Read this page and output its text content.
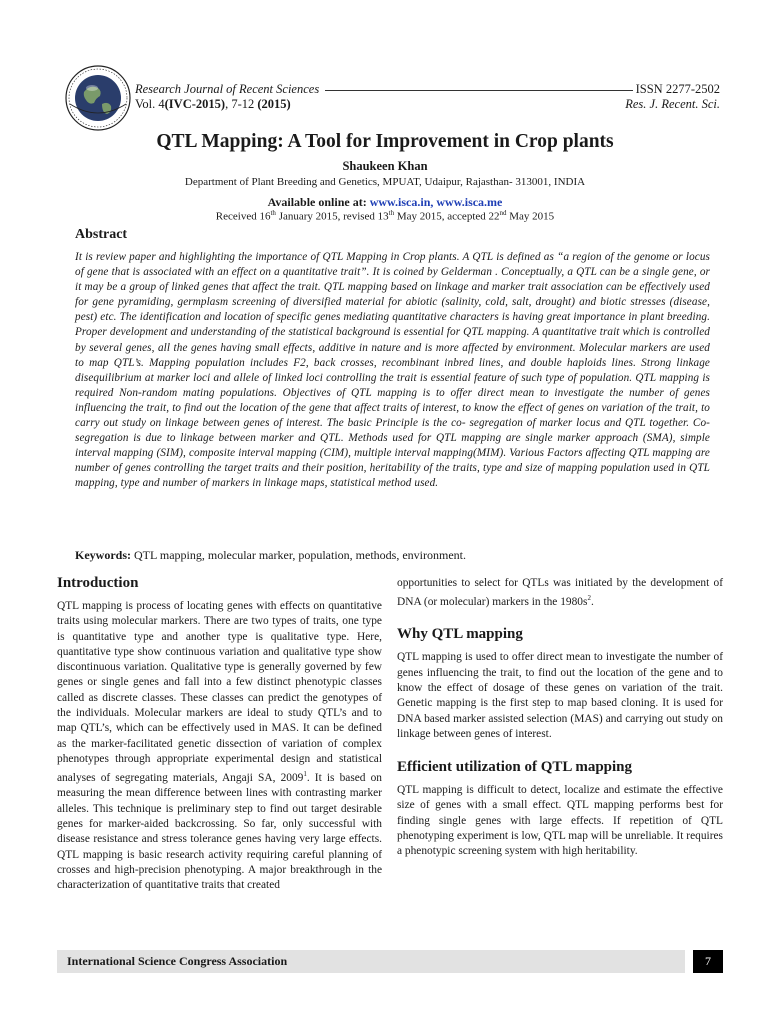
Research Journal of Recent Sciences
Vol. 4(IVC-2015), 7-12 (2015)
ISSN 2277-2502
Res. J. Recent. Sci.
QTL Mapping: A Tool for Improvement in Crop plants
Shaukeen Khan
Department of Plant Breeding and Genetics, MPUAT, Udaipur, Rajasthan- 313001, INDIA
Available online at: www.isca.in, www.isca.me
Received 16th January 2015, revised 13th May 2015, accepted 22nd May 2015
Abstract
It is review paper and highlighting the importance of QTL Mapping in Crop plants. A QTL is defined as “a region of the genome or locus of gene that is associated with an effect on a quantitative trait”. It is coined by Gelderman . Conceptually, a QTL can be a single gene, or it may be a group of linked genes that affect the trait. QTL mapping based on linkage and marker trait association can be effectively used for gene pyramiding, germplasm screening of diversified material for abiotic (salinity, cold, salt, drought) and biotic stresses (disease, pest) etc. The identification and location of specific genes mediating quantitative characters is having great importance in plant breeding. Proper development and understanding of the statistical background is essential for QTL mapping. A quantitative trait which is controlled by several genes, all the genes having small effects, additive in nature and is more affected by environment. Molecular markers are used to map QTL’s. Mapping population includes F2, back crosses, recombinant inbred lines, and double haploids lines. Strong linkage disequilibrium at marker loci and allele of linked loci controlling the trait is essential feature of such type of population. QTL mapping is required Non-random mating populations. Objectives of QTL mapping is to offer direct mean to investigate the number of genes influencing the trait, to find out the location of the gene that affect traits of interest, to know the effect of genes on variation of the trait, to carry out study on linkage between genes of interest. The basic Principle is the co- segregation of marker locus and QTL together. Co-segregation is due to linkage between marker and QTL. Methods used for QTL mapping are single marker approach (SMA), simple interval mapping (SIM), composite interval mapping (CIM), multiple interval mapping(MIM). Various Factors affecting QTL mapping are number of genes controlling the target traits and their position, heritability of the traits, type and size of mapping population used in QTL mapping, type and number of markers in linkage maps, statistical method used.
Keywords: QTL mapping, molecular marker, population, methods, environment.
Introduction

QTL mapping is process of locating genes with effects on quantitative traits using molecular markers. There are two types of traits, one type is quantitative type and another type is qualitative type. Here, quantitative type show continuous variation and qualitative type show discontinuous variation. Qualitative type is generally governed by few genes or single genes and fall into a few distinct phenotypic classes called as discrete classes. These classes can predict the genotypes of the individuals. Molecular markers are ideal to study QTL’s and to map QTL’s, which can be effectively used in MAS. It can be defined as the marker-facilitated genetic dissection of variation of complex phenotypes through appropriate experimental design and statistical analyses of segregating materials, Angaji SA, 2009$^1$. It is based on measuring the mean difference between lines with contrasting marker alleles. This technique is preliminary step to find out target desirable genes for marker-aided backcrossing. So far, only successful with disease resistance and stress tolerance genes having very large effects. QTL mapping is basic research activity requiring careful planning of crosses and high-precision phenotyping. A major breakthrough in the characterization of quantitative traits that created

opportunities to select for QTLs was initiated by the development of DNA (or molecular) markers in the $1980s^2$.

Why QTL mapping

QTL mapping is used to offer direct mean to investigate the number of genes influencing the trait, to find out the location of the gene and to know the effect of dosage of these genes on variation of the trait. Genetic mapping is the first step to map based cloning. It is used for DNA based marker assisted selection (MAS) and carrying out study on linkage between genes of interest.

Efficient utilization of QTL mapping

QTL mapping is difficult to detect, localize and estimate the effective size of genes with a small effect. QTL mapping performs best for finding single genes with large effects. If repetition of QTL phenotyping experiment is low, QTL map will be unreliable. It requires a phenotypic screening system with high heritability.

International Science Congress Association	7
